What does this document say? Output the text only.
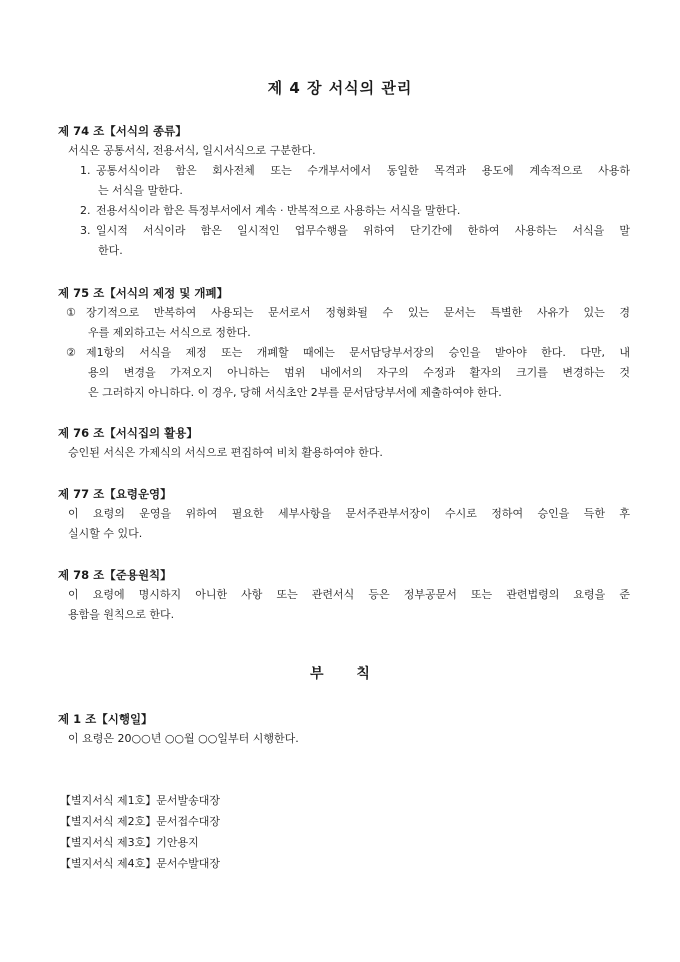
제 4 장 서식의 관리
제 74 조【서식의 종류】
서식은 공통서식, 전용서식, 일시서식으로 구분한다.
1. 공통서식이라 함은 회사전체 또는 수개부서에서 동일한 목격과 용도에 계속적으로 사용하
는 서식을 말한다.
2. 전용서식이라 함은 특정부서에서 계속 · 반복적으로 사용하는 서식을 말한다.
3. 일시적 서식이라 함은 일시적인 업무수행을 위하여 단기간에 한하여 사용하는 서식을 말
한다.
제 75 조【서식의 제정 및 개폐】
① 장기적으로 반복하여 사용되는 문서로서 정형화될 수 있는 문서는 특별한 사유가 있는 경
우를 제외하고는 서식으로 정한다.
② 제1항의 서식을 제정 또는 개폐할 때에는 문서담당부서장의 승인을 받아야 한다. 다만, 내
용의 변경을 가져오지 아니하는 범위 내에서의 자구의 수정과 활자의 크기를 변경하는 것
은 그러하지 아니하다. 이 경우, 당해 서식초안 2부를 문서담당부서에 제출하여야 한다.
제 76 조【서식집의 활용】
승인된 서식은 가제식의 서식으로 편집하여 비치 활용하여야 한다.
제 77 조【요령운영】
이 요령의 운영을 위하여 필요한 세부사항을 문서주관부서장이 수시로 정하여 승인을 득한 후
실시할 수 있다.
제 78 조【준용원칙】
이 요령에 명시하지 아니한 사항 또는 관련서식 등은 정부공문서 또는 관련법령의 요령을 준
용함을 원칙으로 한다.
부 칙
제 1 조【시행일】
이 요령은 20○○년 ○○월 ○○일부터 시행한다.
【별지서식 제1호】문서발송대장
【별지서식 제2호】문서접수대장
【별지서식 제3호】기안용지
【별지서식 제4호】문서수발대장
